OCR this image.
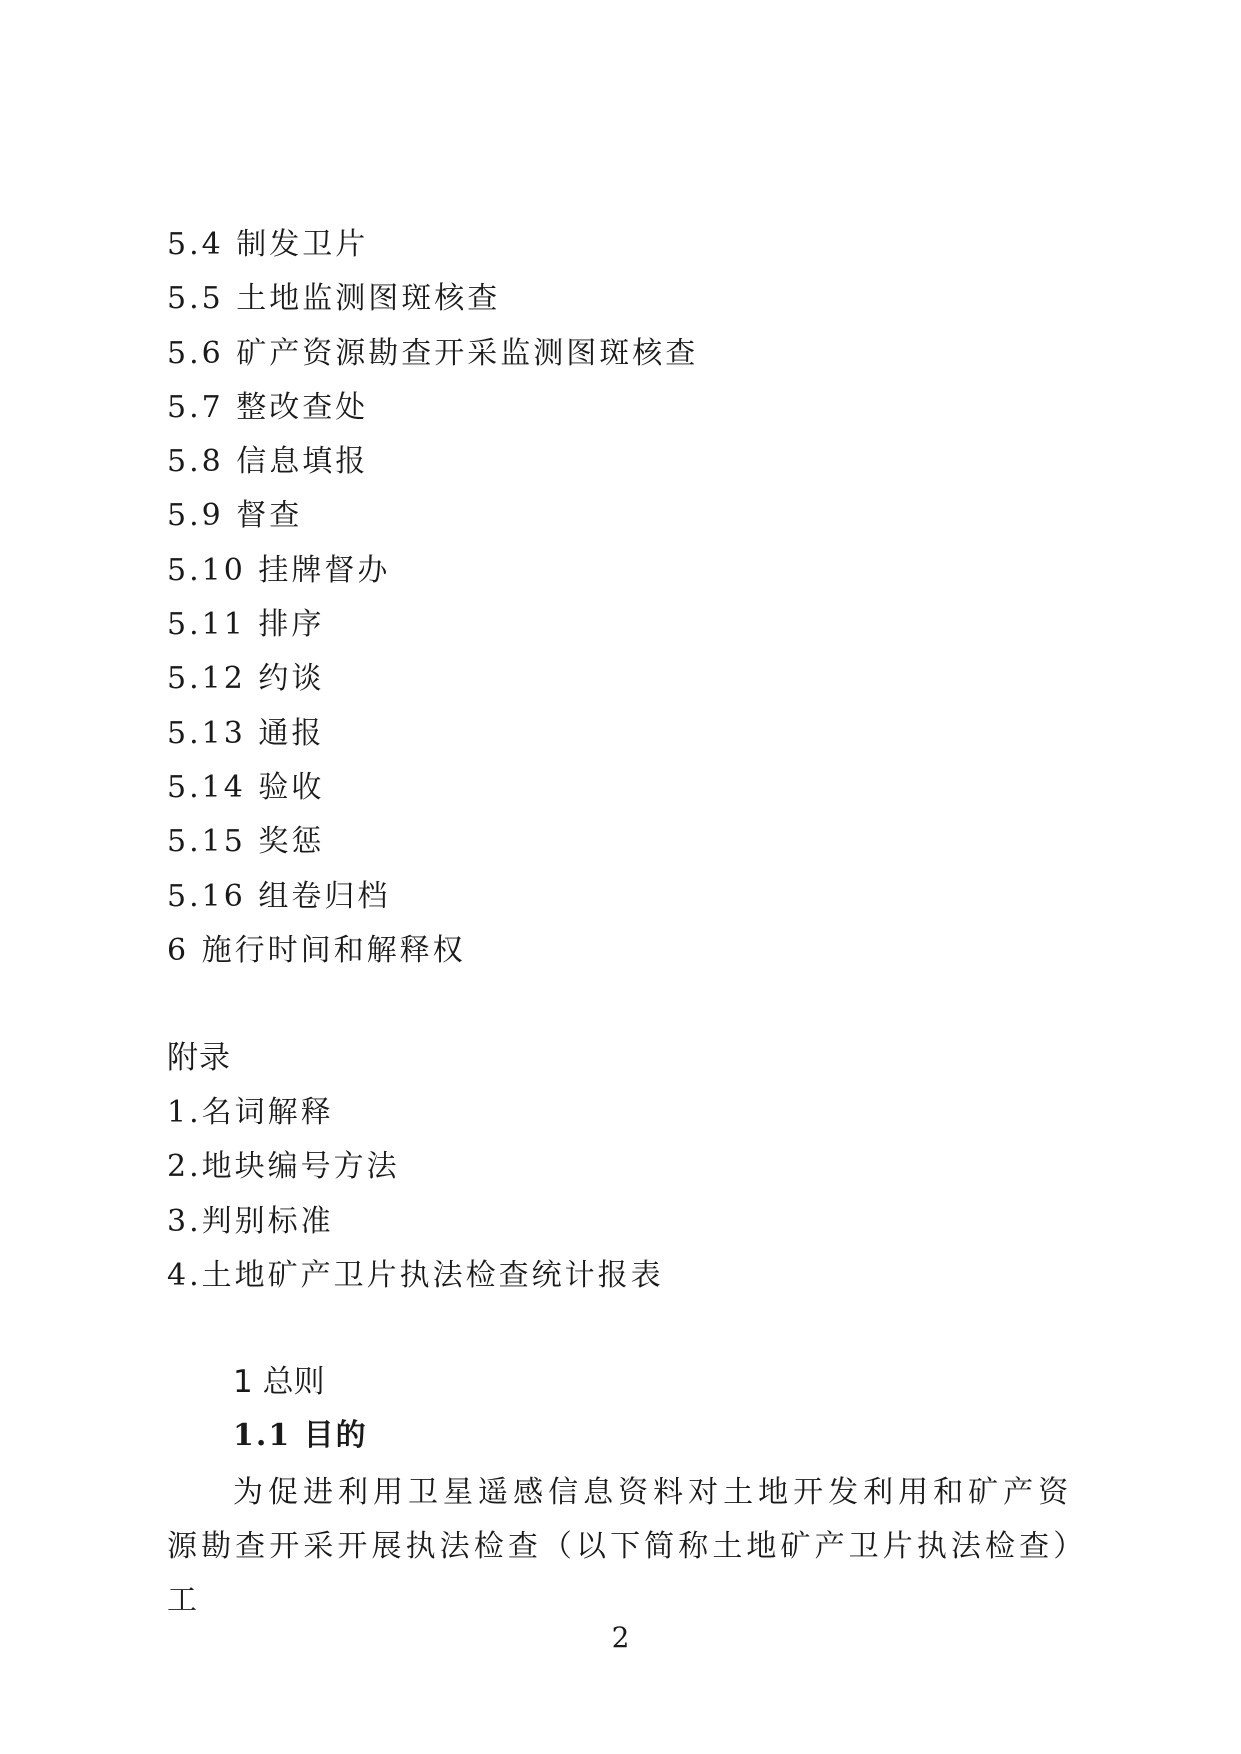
5.4 制发卫片
5.5 土地监测图斑核查
5.6 矿产资源勘查开采监测图斑核查
5.7 整改查处
5.8 信息填报
5.9 督查
5.10 挂牌督办
5.11 排序
5.12 约谈
5.13 通报
5.14 验收
5.15 奖惩
5.16 组卷归档
6 施行时间和解释权
附录
1.名词解释
2.地块编号方法
3.判别标准
4.土地矿产卫片执法检查统计报表
1 总则
1.1 目的
为促进利用卫星遥感信息资料对土地开发利用和矿产资源勘查开采开展执法检查（以下简称土地矿产卫片执法检查）工
2
